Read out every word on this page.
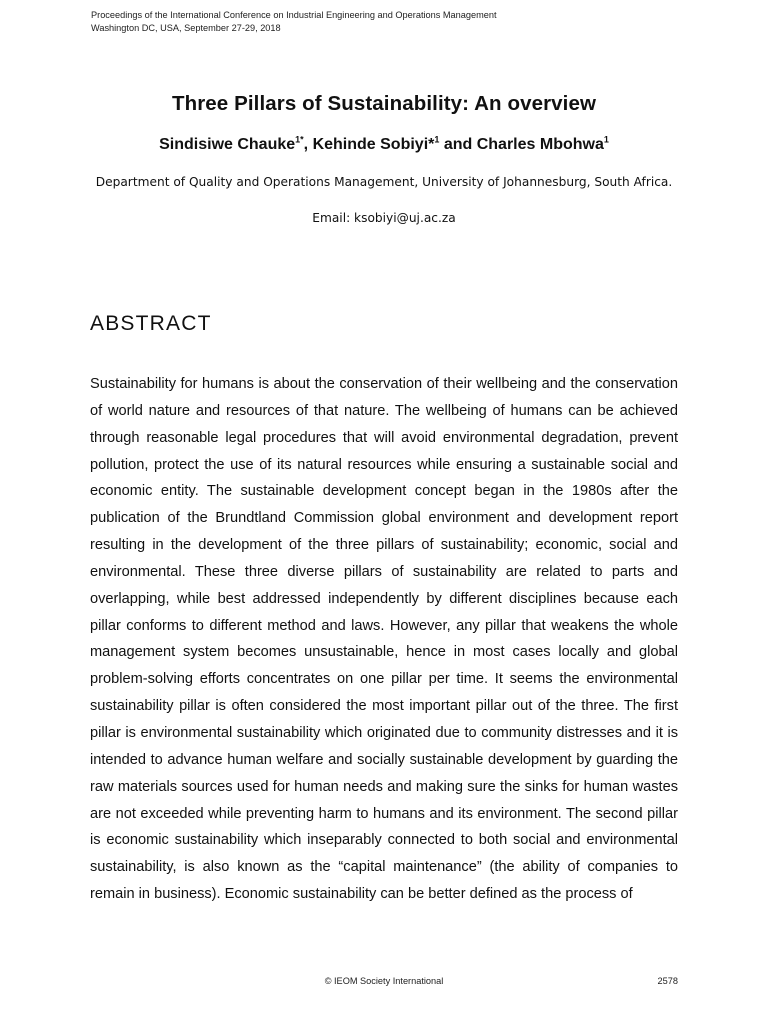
Proceedings of the International Conference on Industrial Engineering and Operations Management
Washington DC, USA, September 27-29, 2018
Three Pillars of Sustainability: An overview
Sindisiwe Chauke$^{1*}$, Kehinde Sobiyi*$^1$ and Charles Mbohwa$^1$
Department of Quality and Operations Management, University of Johannesburg, South Africa.
Email: ksobiyi@uj.ac.za
ABSTRACT

Sustainability for humans is about the conservation of their wellbeing and the conservation of world nature and resources of that nature. The wellbeing of humans can be achieved through reasonable legal procedures that will avoid environmental degradation, prevent pollution, protect the use of its natural resources while ensuring a sustainable social and economic entity. The sustainable development concept began in the 1980s after the publication of the Brundtland Commission global environment and development report resulting in the development of the three pillars of sustainability; economic, social and environmental. These three diverse pillars of sustainability are related to parts and overlapping, while best addressed independently by different disciplines because each pillar conforms to different method and laws. However, any pillar that weakens the whole management system becomes unsustainable, hence in most cases locally and global problem-solving efforts concentrates on one pillar per time. It seems the environmental sustainability pillar is often considered the most important pillar out of the three. The first pillar is environmental sustainability which originated due to community distresses and it is intended to advance human welfare and socially sustainable development by guarding the raw materials sources used for human needs and making sure the sinks for human wastes are not exceeded while preventing harm to humans and its environment. The second pillar is economic sustainability which inseparably connected to both social and environmental sustainability, is also known as the “capital maintenance” (the ability of companies to remain in business). Economic sustainability can be better defined as the process of

© IEOM Society International	2578
